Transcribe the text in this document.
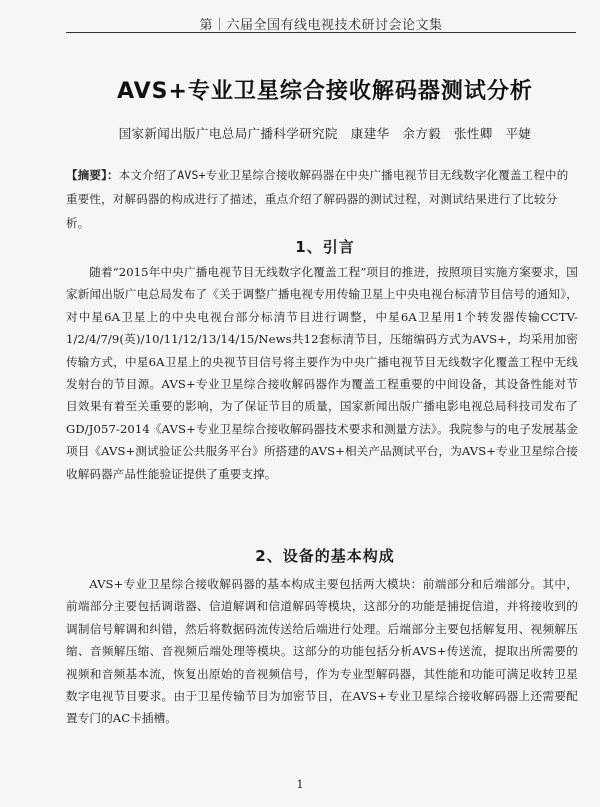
第｜六届全国有线电视技术研讨会论文集
AVS+专业卫星综合接收解码器测试分析
国家新闻出版广电总局广播科学研究院　康建华　余方毅　张性卿　平婕
【摘要】：本文介绍了AVS+专业卫星综合接收解码器在中央广播电视节目无线数字化覆盖工程中的重要性，对解码器的构成进行了描述，重点介绍了解码器的测试过程，对测试结果进行了比较分析。
1、引言
随着“2015年中央广播电视节目无线数字化覆盖工程”项目的推进，按照项目实施方案要求，国家新闻出版广电总局发布了《关于调整广播电视专用传输卫星上中央电视台标清节目信号的通知》，对中星6A卫星上的中央电视台部分标清节目进行调整，中星6A卫星用1个转发器传输CCTV-1/2/4/7/9(英)/10/11/12/13/14/15/News共12套标清节目，压缩编码方式为AVS+，均采用加密传输方式，中星6A卫星上的央视节目信号将主要作为中央广播电视节目无线数字化覆盖工程中无线发射台的节目源。AVS+专业卫星综合接收解码器作为覆盖工程重要的中间设备，其设备性能对节目效果有着至关重要的影响，为了保证节目的质量，国家新闻出版广播电影电视总局科技司发布了GD/J057-2014《AVS+专业卫星综合接收解码器技术要求和测量方法》。我院参与的电子发展基金项目《AVS+测试验证公共服务平台》所搭建的AVS+相关产品测试平台，为AVS+专业卫星综合接收解码器产品性能验证提供了重要支撑。
2、设备的基本构成
AVS+专业卫星综合接收解码器的基本构成主要包括两大模块：前端部分和后端部分。其中，前端部分主要包括调谐器、信道解调和信道解码等模块，这部分的功能是捕捉信道，并将接收到的调制信号解调和纠错，然后将数据码流传送给后端进行处理。后端部分主要包括解复用、视频解压缩、音频解压缩、音视频后端处理等模块。这部分的功能包括分析AVS+传送流，提取出所需要的视频和音频基本流，恢复出原始的音视频信号，作为专业型解码器，其性能和功能可满足收转卫星数字电视节目要求。由于卫星传输节目为加密节目，在AVS+专业卫星综合接收解码器上还需要配置专门的AC卡插槽。
1
